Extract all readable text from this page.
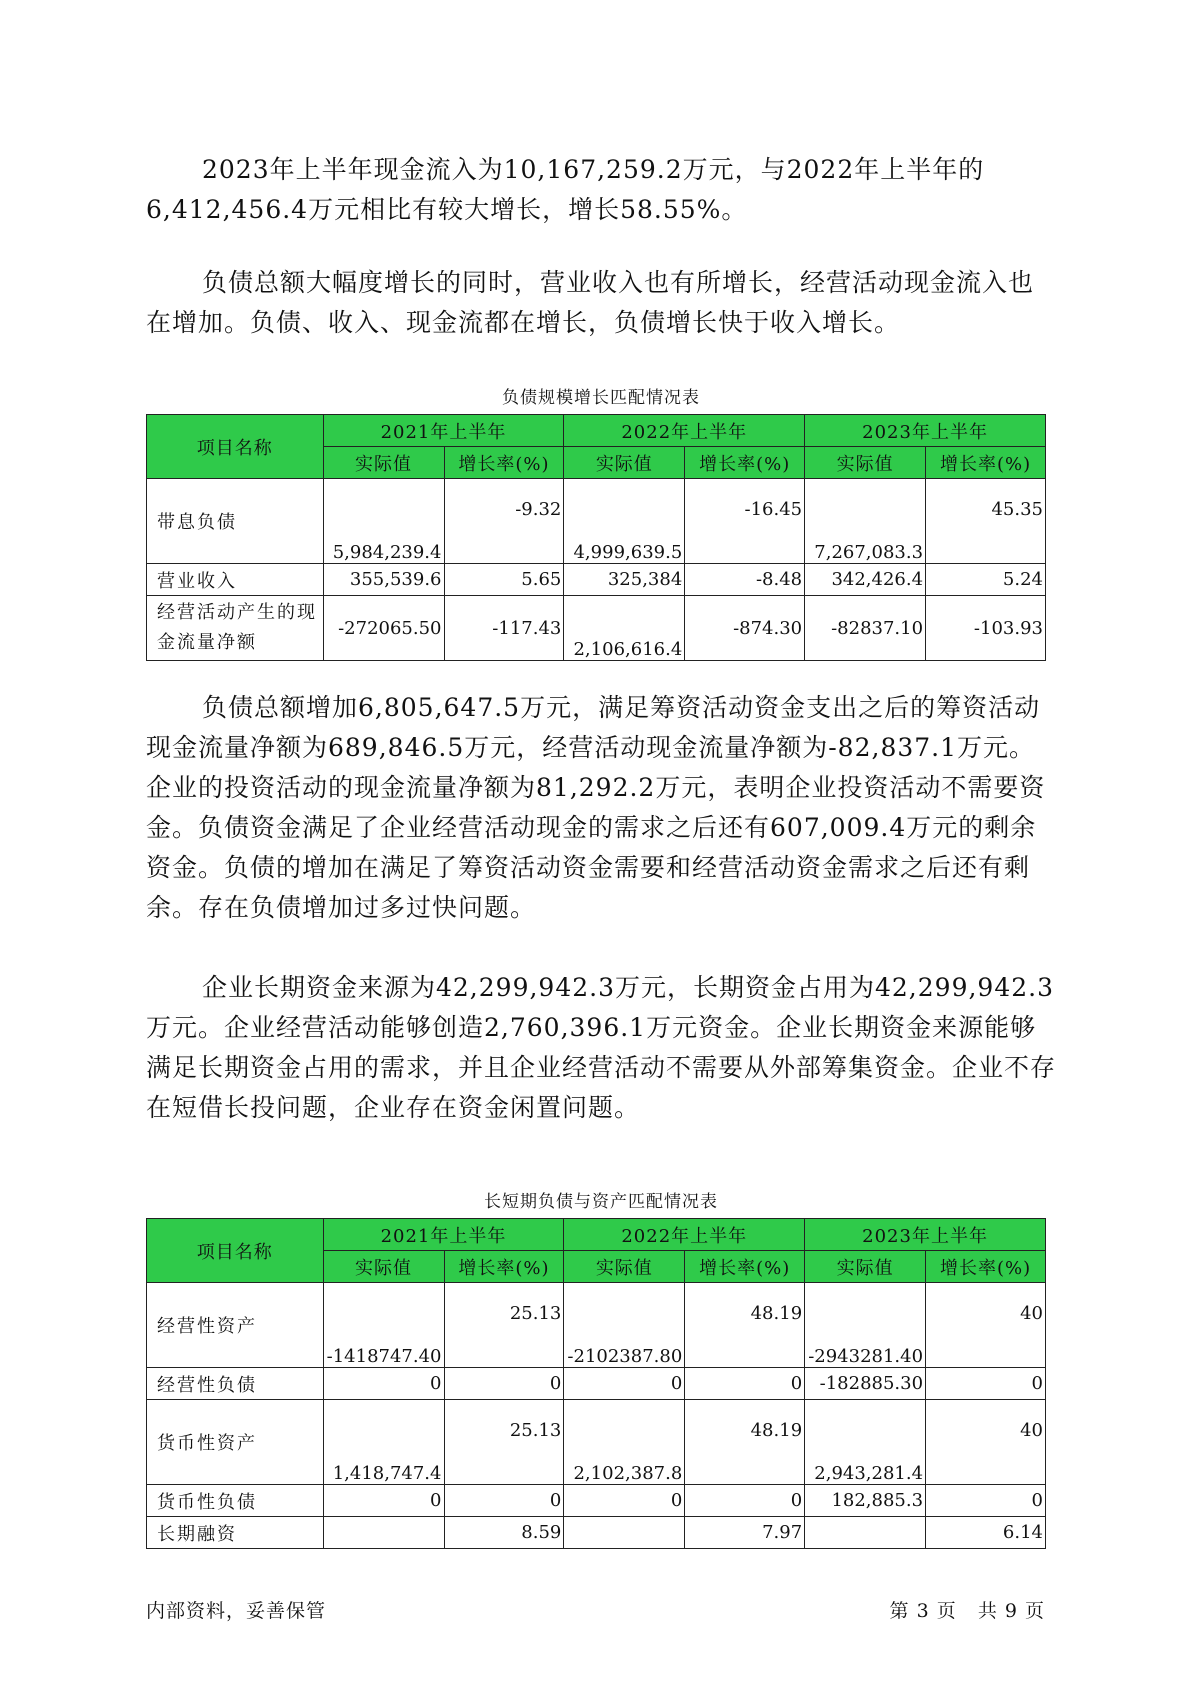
2023年上半年现金流入为10,167,259.2万元，与2022年上半年的6,412,456.4万元相比有较大增长，增长58.55%。

负债总额大幅度增长的同时，营业收入也有所增长，经营活动现金流入也在增加。负债、收入、现金流都在增长，负债增长快于收入增长。

负债规模增长匹配情况表
项目名称	2021年上半年		2022年上半年		2023年上半年	
	实际值	增长率(%)	实际值	增长率(%)	实际值	增长率(%)
带息负债	5,984,239.4	-9.32	4,999,639.5	-16.45	7,267,083.3	45.35
营业收入	355,539.6	5.65	325,384	-8.48	342,426.4	5.24
经营活动产生的现金流量净额	-272065.50	-117.43	2,106,616.4	-874.30	-82837.10	-103.93

负债总额增加6,805,647.5万元，满足筹资活动资金支出之后的筹资活动现金流量净额为689,846.5万元，经营活动现金流量净额为-82,837.1万元。企业的投资活动的现金流量净额为81,292.2万元，表明企业投资活动不需要资金。负债资金满足了企业经营活动现金的需求之后还有607,009.4万元的剩余资金。负债的增加在满足了筹资活动资金需要和经营活动资金需求之后还有剩余。存在负债增加过多过快问题。

企业长期资金来源为42,299,942.3万元，长期资金占用为42,299,942.3万元。企业经营活动能够创造2,760,396.1万元资金。企业长期资金来源能够满足长期资金占用的需求，并且企业经营活动不需要从外部筹集资金。企业不存在短借长投问题，企业存在资金闲置问题。

长短期负债与资产匹配情况表
项目名称	2021年上半年		2022年上半年		2023年上半年	
	实际值	增长率(%)	实际值	增长率(%)	实际值	增长率(%)
经营性资产	-1418747.40	25.13	-2102387.80	48.19	-2943281.40	40
经营性负债	0	0	0	0	-182885.30	0
货币性资产	1,418,747.4	25.13	2,102,387.8	48.19	2,943,281.4	40
货币性负债	0	0	0	0	182,885.3	0
长期融资		8.59		7.97		6.14
内部资料，妥善保管	第 3 页   共 9 页
